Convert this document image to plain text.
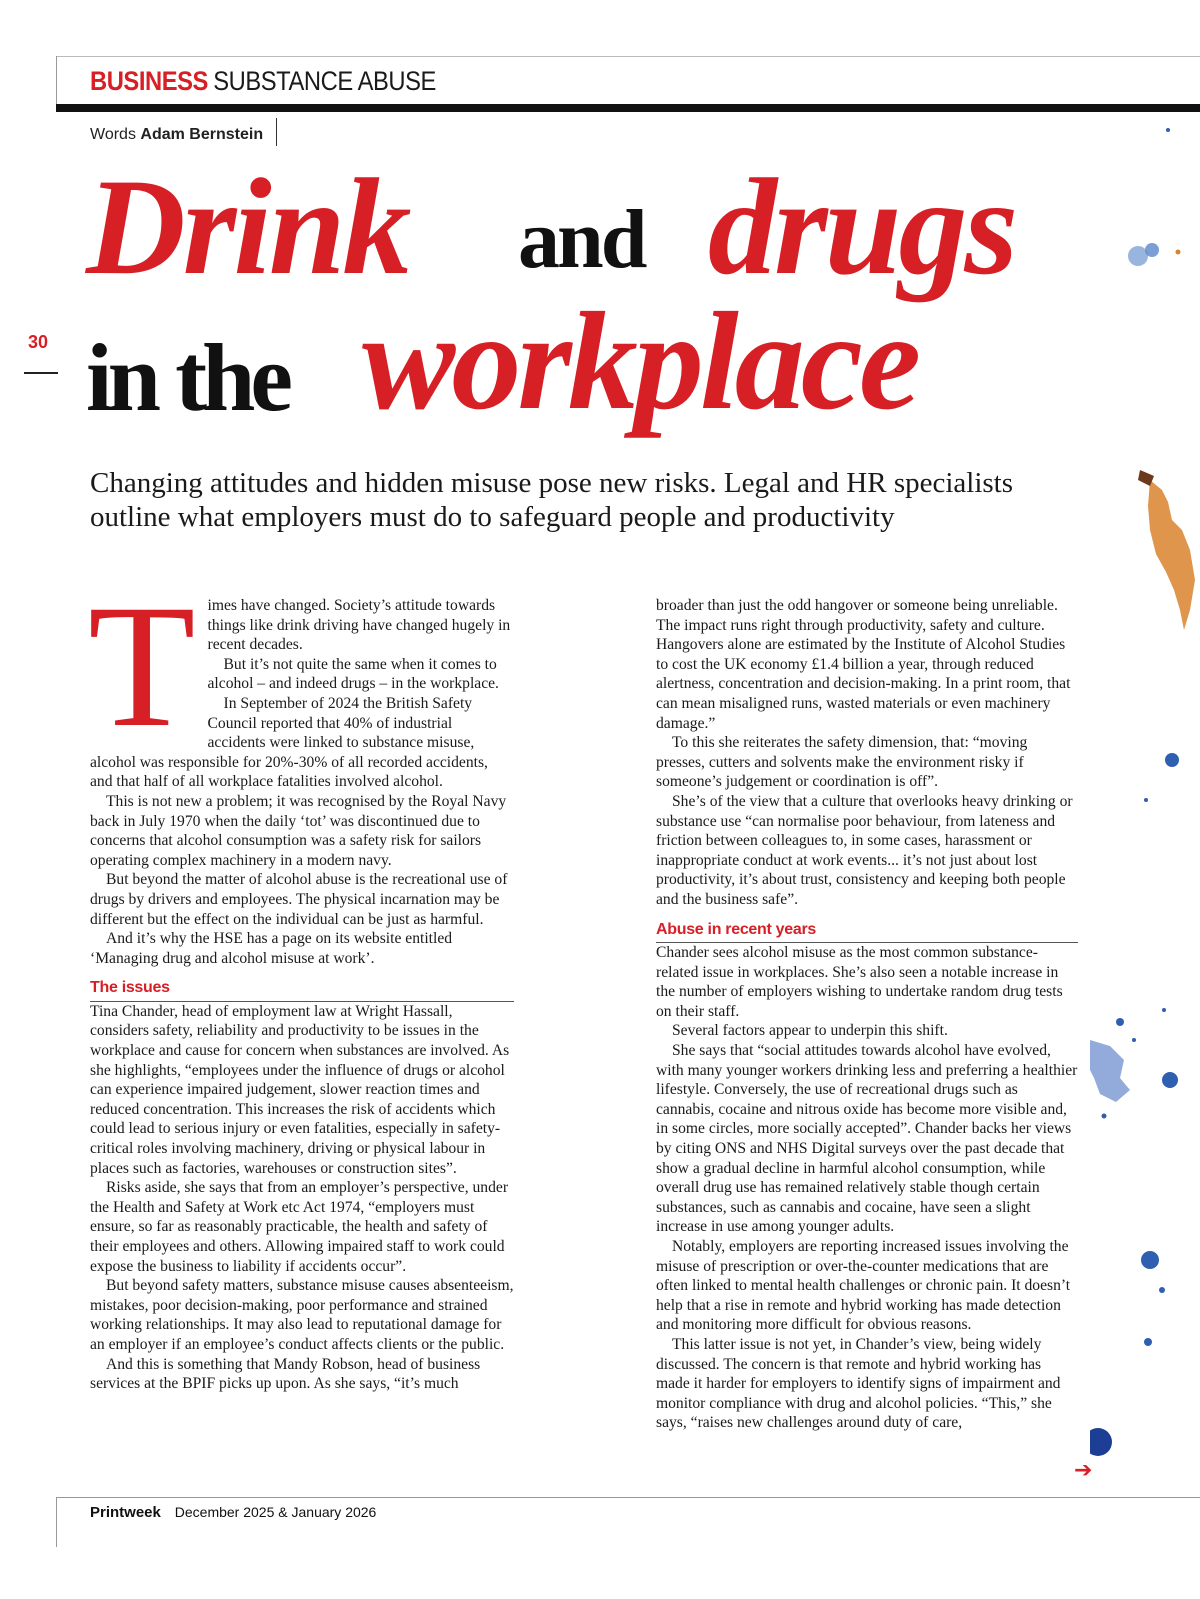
BUSINESS SUBSTANCE ABUSE
Words Adam Bernstein
30
Drink and drugs
in the workplace
Changing attitudes and hidden misuse pose new risks. Legal and HR specialists outline what employers must do to safeguard people and productivity
T imes have changed. Society’s attitude towards things like drink driving have changed hugely in recent decades.

But it’s not quite the same when it comes to alcohol – and indeed drugs – in the workplace.

In September of 2024 the British Safety Council reported that 40% of industrial accidents were linked to substance misuse, alcohol was responsible for 20%-30% of all recorded accidents, and that half of all workplace fatalities involved alcohol.

This is not new a problem; it was recognised by the Royal Navy back in July 1970 when the daily ‘tot’ was discontinued due to concerns that alcohol consumption was a safety risk for sailors operating complex machinery in a modern navy.

But beyond the matter of alcohol abuse is the recreational use of drugs by drivers and employees. The physical incarnation may be different but the effect on the individual can be just as harmful.

And it’s why the HSE has a page on its website entitled ‘Managing drug and alcohol misuse at work’.

The issues

Tina Chander, head of employment law at Wright Hassall, considers safety, reliability and productivity to be issues in the workplace and cause for concern when substances are involved. As she highlights, “employees under the influence of drugs or alcohol can experience impaired judgement, slower reaction times and reduced concentration. This increases the risk of accidents which could lead to serious injury or even fatalities, especially in safety-critical roles involving machinery, driving or physical labour in places such as factories, warehouses or construction sites”.

Risks aside, she says that from an employer’s perspective, under the Health and Safety at Work etc Act 1974, “employers must ensure, so far as reasonably practicable, the health and safety of their employees and others. Allowing impaired staff to work could expose the business to liability if accidents occur”.

But beyond safety matters, substance misuse causes absenteeism, mistakes, poor decision-making, poor performance and strained working relationships. It may also lead to reputational damage for an employer if an employee’s conduct affects clients or the public.

And this is something that Mandy Robson, head of business services at the BPIF picks up upon. As she says, “it’s much

broader than just the odd hangover or someone being unreliable. The impact runs right through productivity, safety and culture. Hangovers alone are estimated by the Institute of Alcohol Studies to cost the UK economy £1.4 billion a year, through reduced alertness, concentration and decision-making. In a print room, that can mean misaligned runs, wasted materials or even machinery damage.”

To this she reiterates the safety dimension, that: “moving presses, cutters and solvents make the environment risky if someone’s judgement or coordination is off”.

She’s of the view that a culture that overlooks heavy drinking or substance use “can normalise poor behaviour, from lateness and friction between colleagues to, in some cases, harassment or inappropriate conduct at work events... it’s not just about lost productivity, it’s about trust, consistency and keeping both people and the business safe”.

Abuse in recent years

Chander sees alcohol misuse as the most common substance-related issue in workplaces. She’s also seen a notable increase in the number of employers wishing to undertake random drug tests on their staff.

Several factors appear to underpin this shift.

She says that “social attitudes towards alcohol have evolved, with many younger workers drinking less and preferring a healthier lifestyle. Conversely, the use of recreational drugs such as cannabis, cocaine and nitrous oxide has become more visible and, in some circles, more socially accepted”. Chander backs her views by citing ONS and NHS Digital surveys over the past decade that show a gradual decline in harmful alcohol consumption, while overall drug use has remained relatively stable though certain substances, such as cannabis and cocaine, have seen a slight increase in use among younger adults.

Notably, employers are reporting increased issues involving the misuse of prescription or over-the-counter medications that are often linked to mental health challenges or chronic pain. It doesn’t help that a rise in remote and hybrid working has made detection and monitoring more difficult for obvious reasons.

This latter issue is not yet, in Chander’s view, being widely discussed. The concern is that remote and hybrid working has made it harder for employers to identify signs of impairment and monitor compliance with drug and alcohol policies. “This,” she says, “raises new challenges around duty of care,

➔
Printweek December 2025 & January 2026
